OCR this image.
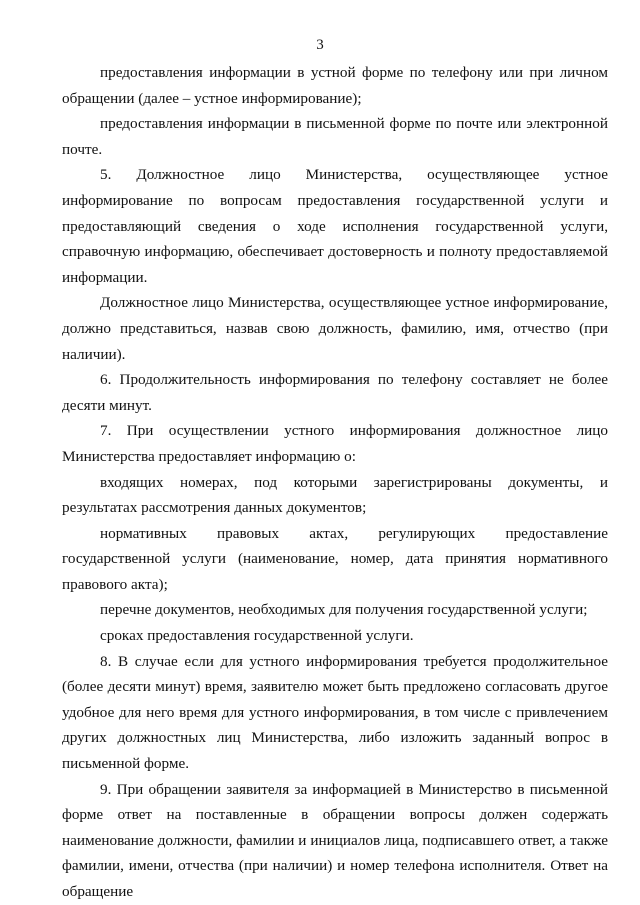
3

предоставления информации в устной форме по телефону или при личном обращении (далее – устное информирование);

предоставления информации в письменной форме по почте или электронной почте.

5. Должностное лицо Министерства, осуществляющее устное информирование по вопросам предоставления государственной услуги и предоставляющий сведения о ходе исполнения государственной услуги, справочную информацию, обеспечивает достоверность и полноту предоставляемой информации.

Должностное лицо Министерства, осуществляющее устное информирование, должно представиться, назвав свою должность, фамилию, имя, отчество (при наличии).

6. Продолжительность информирования по телефону составляет не более десяти минут.

7. При осуществлении устного информирования должностное лицо Министерства предоставляет информацию о:

входящих номерах, под которыми зарегистрированы документы, и результатах рассмотрения данных документов;

нормативных правовых актах, регулирующих предоставление государственной услуги (наименование, номер, дата принятия нормативного правового акта);

перечне документов, необходимых для получения государственной услуги;

сроках предоставления государственной услуги.

8. В случае если для устного информирования требуется продолжительное (более десяти минут) время, заявителю может быть предложено согласовать другое удобное для него время для устного информирования, в том числе с привлечением других должностных лиц Министерства, либо изложить заданный вопрос в письменной форме.

9. При обращении заявителя за информацией в Министерство в письменной форме ответ на поставленные в обращении вопросы должен содержать наименование должности, фамилии и инициалов лица, подписавшего ответ, а также фамилии, имени, отчества (при наличии) и номер телефона исполнителя. Ответ на обращение
